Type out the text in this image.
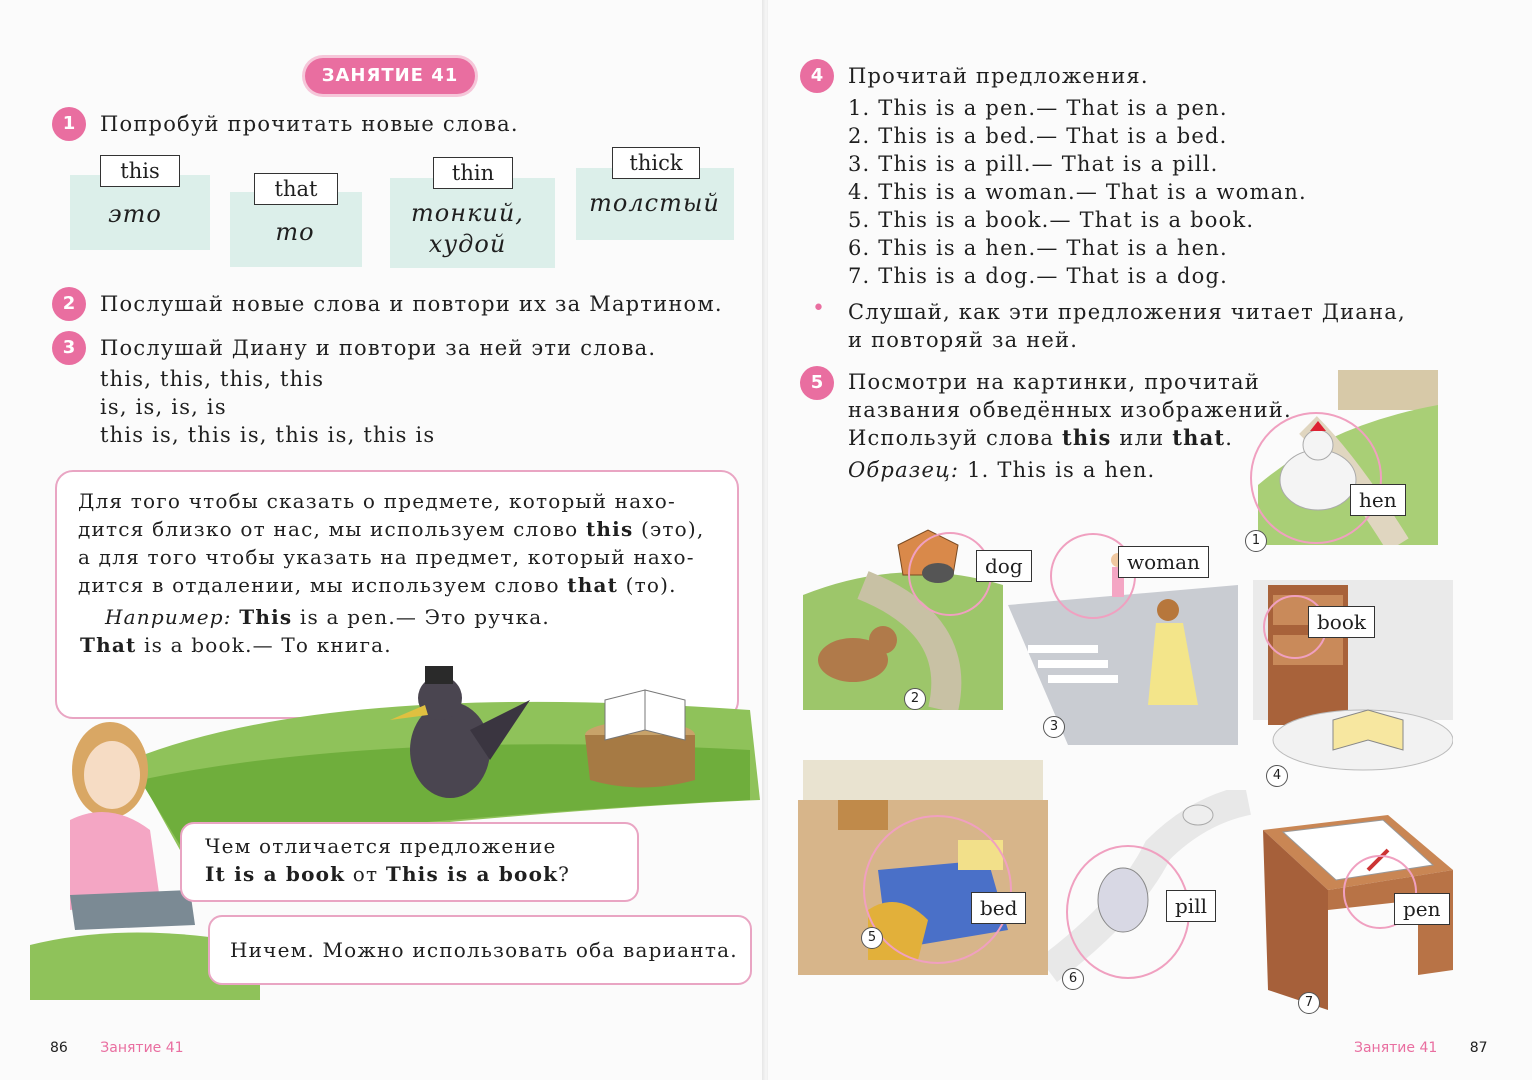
ЗАНЯТИЕ 41
1	Попробуй прочитать новые слова.
this
это
that
то
thin
тонкий,
худой
thick
толстый
2	Послушай новые слова и повтори их за Мартином.
3	Послушай Диану и повтори за ней эти слова.
this, this, this, this
is, is, is, is
this is, this is, this is, this is
Для того чтобы сказать о предмете, который нахо-
дится близко от нас, мы используем слово this (это),
а для того чтобы указать на предмет, который нахо-
дится в отдалении, мы используем слово that (то).
Например: This is a pen.— Это ручка.
That is a book.— То книга.
Чем отличается предложение
It is a book от This is a book?
Ничем. Можно использовать оба варианта.
86 Занятие 41
4	Прочитай предложения.
1. This is a pen.— That is a pen.
2. This is a bed.— That is a bed.
3. This is a pill.— That is a pill.
4. This is a woman.— That is a woman.
5. This is a book.— That is a book.
6. This is a hen.— That is a hen.
7. This is a dog.— That is a dog.
• Слушай, как эти предложения читает Диана,
и повторяй за ней.
5	Посмотри на картинки, прочитай
названия обведённых изображений.
Используй слова this или that.
Образец: 1. This is a hen.
hen
1
dog
2
woman
3
book
4
bed
5
pill
6
pen
7
Занятие 41 87
